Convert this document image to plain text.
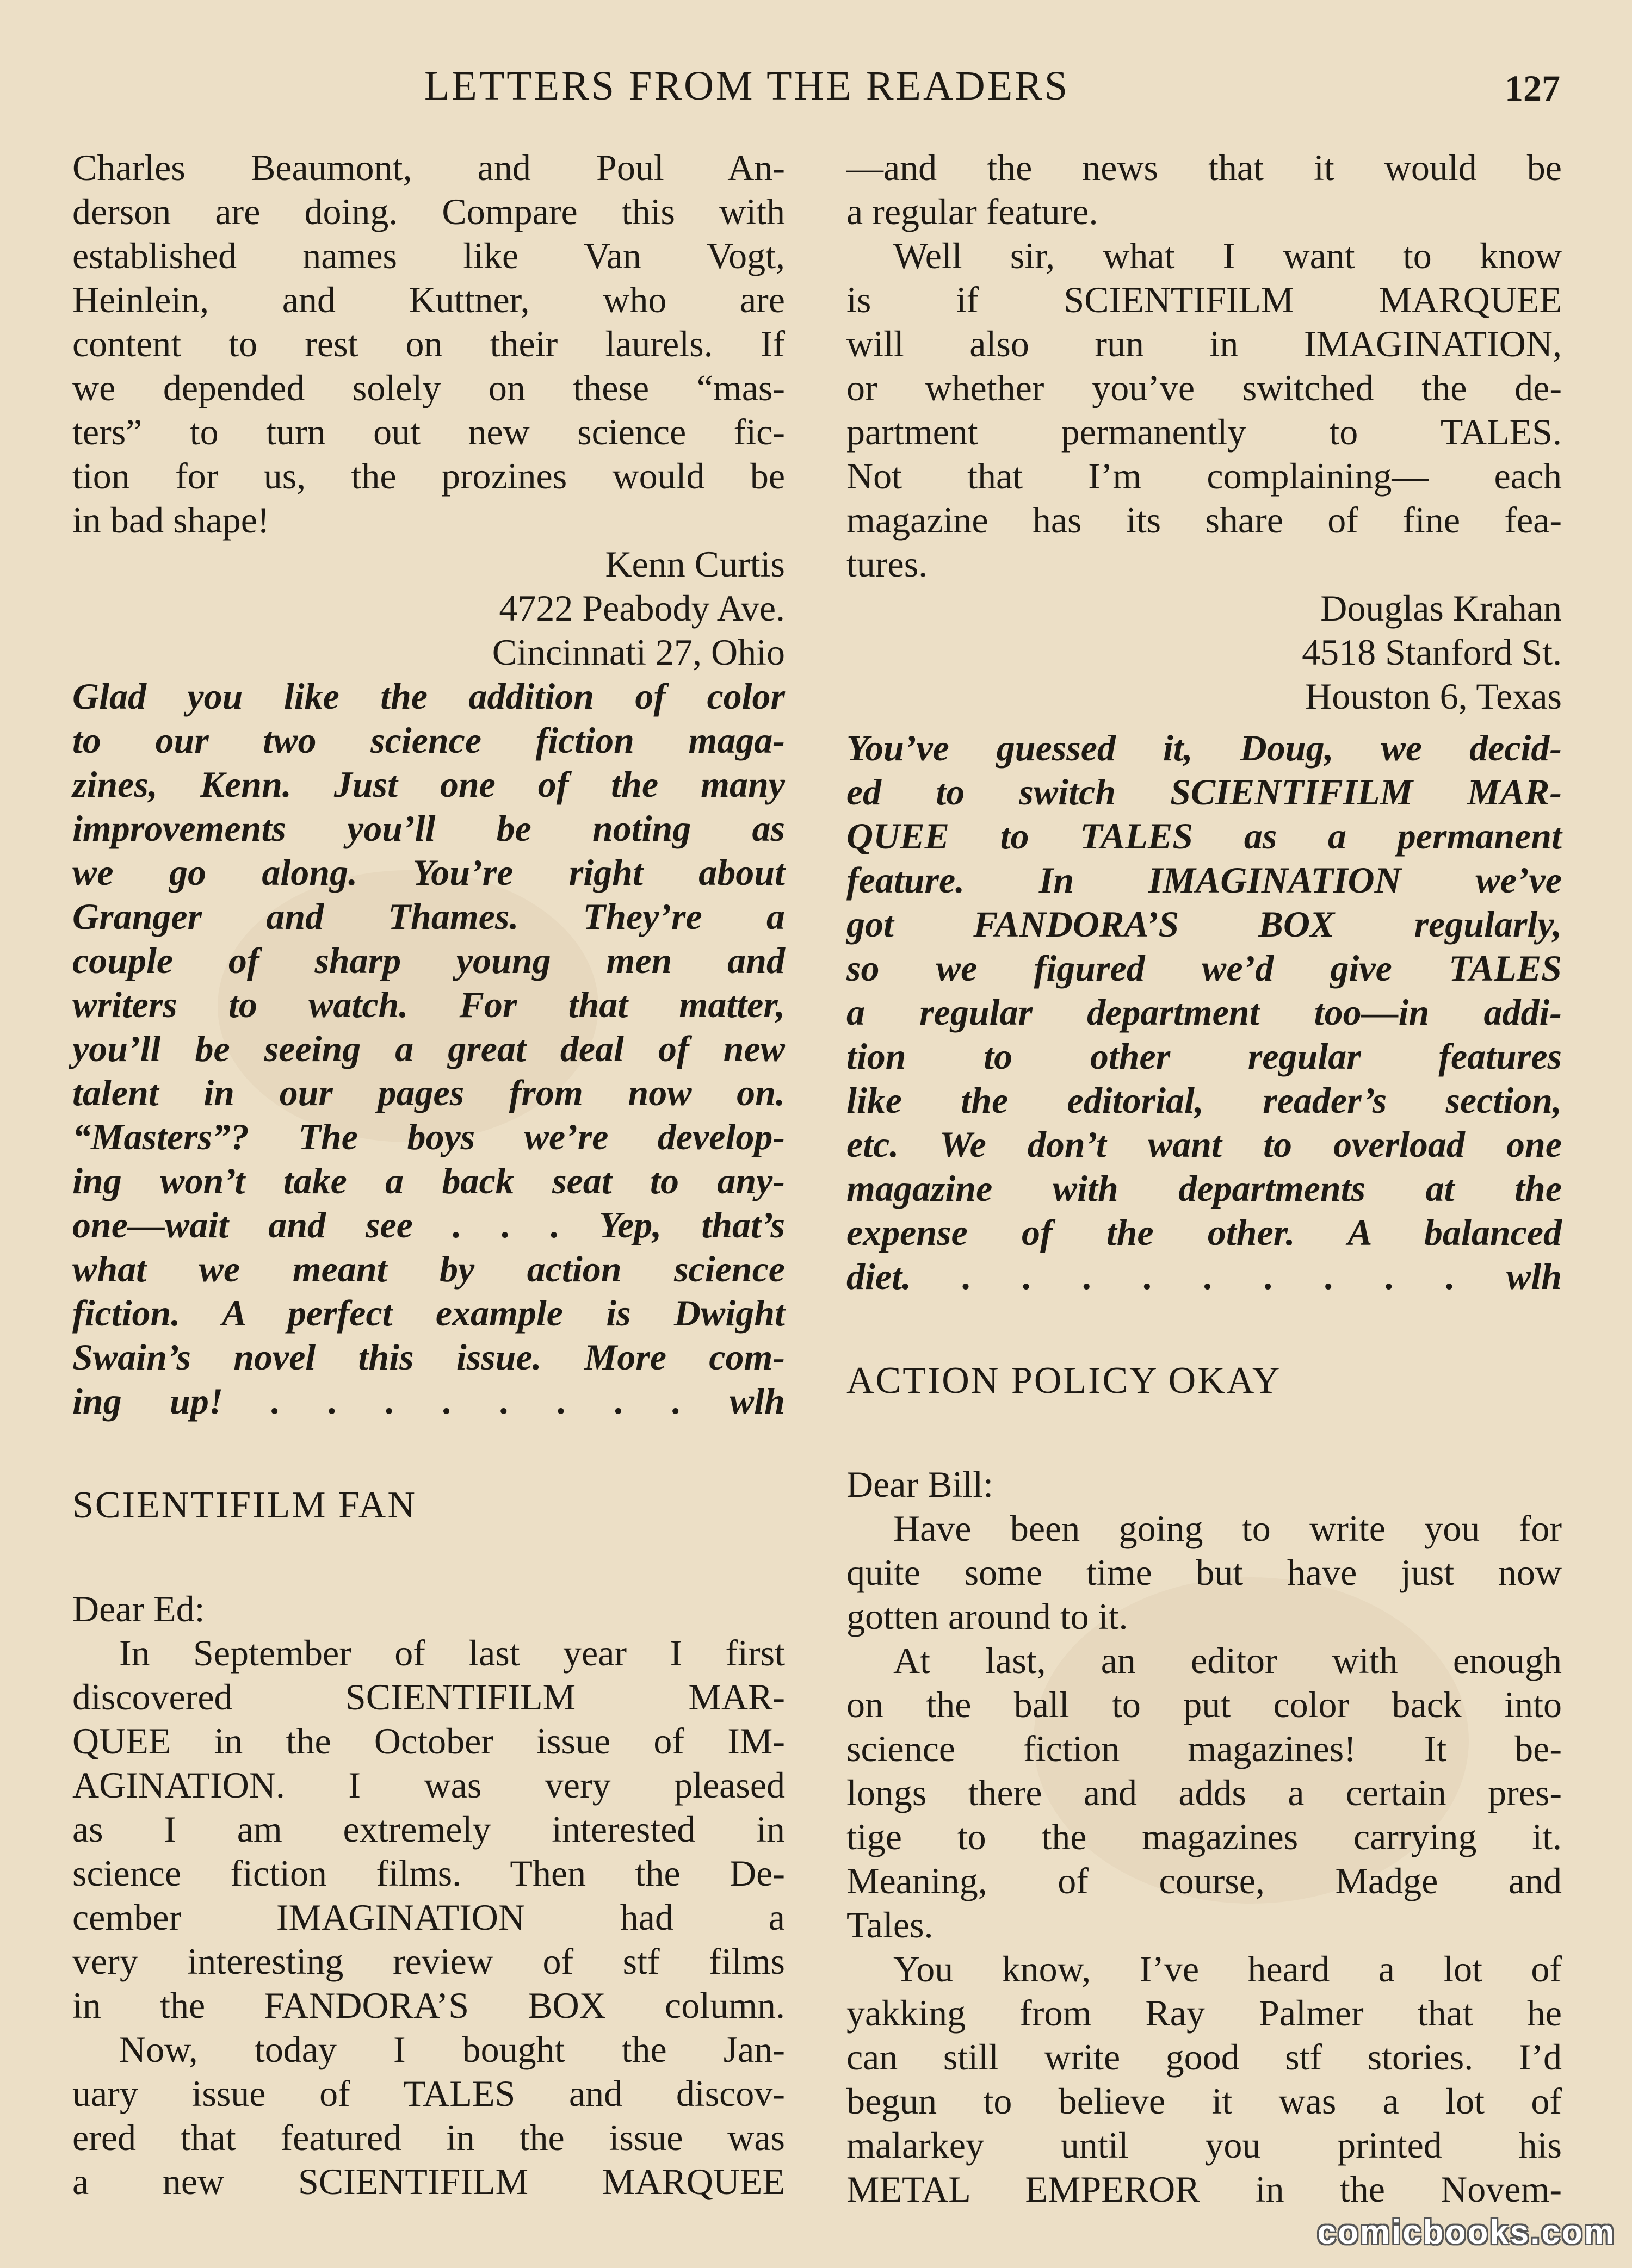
LETTERS FROM THE READERS	127
Charles Beaumont, and Poul An-
derson are doing. Compare this with
established names like Van Vogt,
Heinlein, and Kuttner, who are
content to rest on their laurels. If
we depended solely on these “mas-
ters” to turn out new science fic-
tion for us, the prozines would be
in bad shape!
Kenn Curtis
4722 Peabody Ave.
Cincinnati 27, Ohio
Glad you like the addition of color
to our two science fiction maga-
zines, Kenn. Just one of the many
improvements you’ll be noting as
we go along. You’re right about
Granger and Thames. They’re a
couple of sharp young men and
writers to watch. For that matter,
you’ll be seeing a great deal of new
talent in our pages from now on.
“Masters”? The boys we’re develop-
ing won’t take a back seat to any-
one—wait and see . . . Yep, that’s
what we meant by action science
fiction. A perfect example is Dwight
Swain’s novel this issue. More com-
ing up! . . . . . . . . wlh
SCIENTIFILM FAN
Dear Ed:
In September of last year I first
discovered SCIENTIFILM MAR-
QUEE in the October issue of IM-
AGINATION. I was very pleased
as I am extremely interested in
science fiction films. Then the De-
cember IMAGINATION had a
very interesting review of stf films
in the FANDORA’S BOX column.
Now, today I bought the Jan-
uary issue of TALES and discov-
ered that featured in the issue was
a new SCIENTIFILM MARQUEE
—and the news that it would be
a regular feature.
Well sir, what I want to know
is if SCIENTIFILM MARQUEE
will also run in IMAGINATION,
or whether you’ve switched the de-
partment permanently to TALES.
Not that I’m complaining— each
magazine has its share of fine fea-
tures.
Douglas Krahan
4518 Stanford St.
Houston 6, Texas
You’ve guessed it, Doug, we decid-
ed to switch SCIENTIFILM MAR-
QUEE to TALES as a permanent
feature. In IMAGINATION we’ve
got FANDORA’S BOX regularly,
so we figured we’d give TALES
a regular department too—in addi-
tion to other regular features
like the editorial, reader’s section,
etc. We don’t want to overload one
magazine with departments at the
expense of the other. A balanced
diet. . . . . . . . . . wlh
ACTION POLICY OKAY
Dear Bill:
Have been going to write you for
quite some time but have just now
gotten around to it.
At last, an editor with enough
on the ball to put color back into
science fiction magazines! It be-
longs there and adds a certain pres-
tige to the magazines carrying it.
Meaning, of course, Madge and
Tales.
You know, I’ve heard a lot of
yakking from Ray Palmer that he
can still write good stf stories. I’d
begun to believe it was a lot of
malarkey until you printed his
METAL EMPEROR in the Novem-
comicbooks.com
